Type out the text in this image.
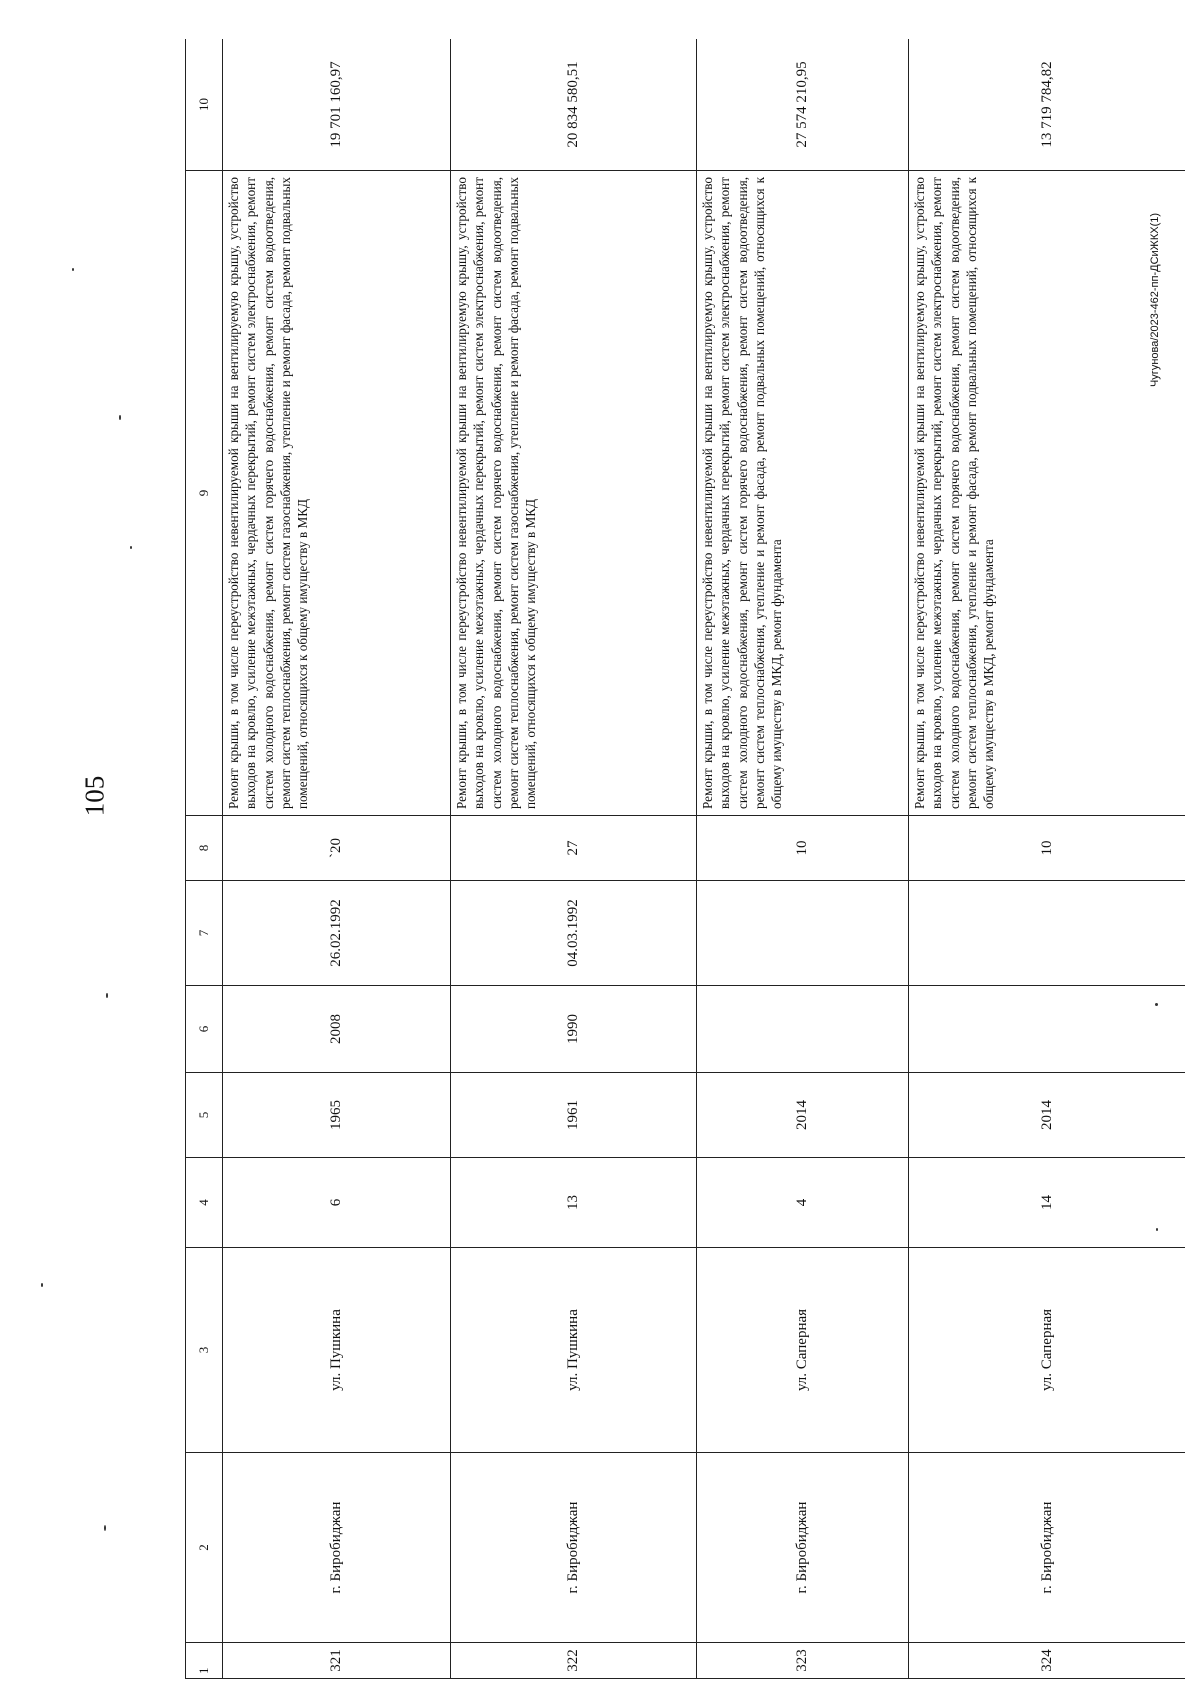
105
Чугунова/2023-462-пп-ДСиЖКХ(1)
1	2	3	4	5	6	7	8	9	10
321	г. Биробиджан	ул. Пушкина	6	1965	2008	26.02.1992	`20	Ремонт крыши, в том числе переустройство невентилируемой крыши на вентилируемую крышу, устройство выходов на кровлю, усиление межэтажных, чердачных перекрытий, ремонт систем электроснабжения, ремонт систем холодного водоснабжения, ремонт систем горячего водоснабжения, ремонт систем водоотведения, ремонт систем теплоснабжения, ремонт систем газоснабжения, утепление и ремонт фасада, ремонт подвальных помещений, относящихся к общему имуществу в МКД	19 701 160,97
322	г. Биробиджан	ул. Пушкина	13	1961	1990	04.03.1992	27	Ремонт крыши, в том числе переустройство невентилируемой крыши на вентилируемую крышу, устройство выходов на кровлю, усиление межэтажных, чердачных перекрытий, ремонт систем электроснабжения, ремонт систем холодного водоснабжения, ремонт систем горячего водоснабжения, ремонт систем водоотведения, ремонт систем теплоснабжения, ремонт систем газоснабжения, утепление и ремонт фасада, ремонт подвальных помещений, относящихся к общему имуществу в МКД	20 834 580,51
323	г. Биробиджан	ул. Саперная	4	2014			10	Ремонт крыши, в том числе переустройство невентилируемой крыши на вентилируемую крышу, устройство выходов на кровлю, усиление межэтажных, чердачных перекрытий, ремонт систем электроснабжения, ремонт систем холодного водоснабжения, ремонт систем горячего водоснабжения, ремонт систем водоотведения, ремонт систем теплоснабжения, утепление и ремонт фасада, ремонт подвальных помещений, относящихся к общему имуществу в МКД, ремонт фундамента	27 574 210,95
324	г. Биробиджан	ул. Саперная	14	2014			10	Ремонт крыши, в том числе переустройство невентилируемой крыши на вентилируемую крышу, устройство выходов на кровлю, усиление межэтажных, чердачных перекрытий, ремонт систем электроснабжения, ремонт систем холодного водоснабжения, ремонт систем горячего водоснабжения, ремонт систем водоотведения, ремонт систем теплоснабжения, утепление и ремонт фасада, ремонт подвальных помещений, относящихся к общему имуществу в МКД, ремонт фундамента	13 719 784,82
